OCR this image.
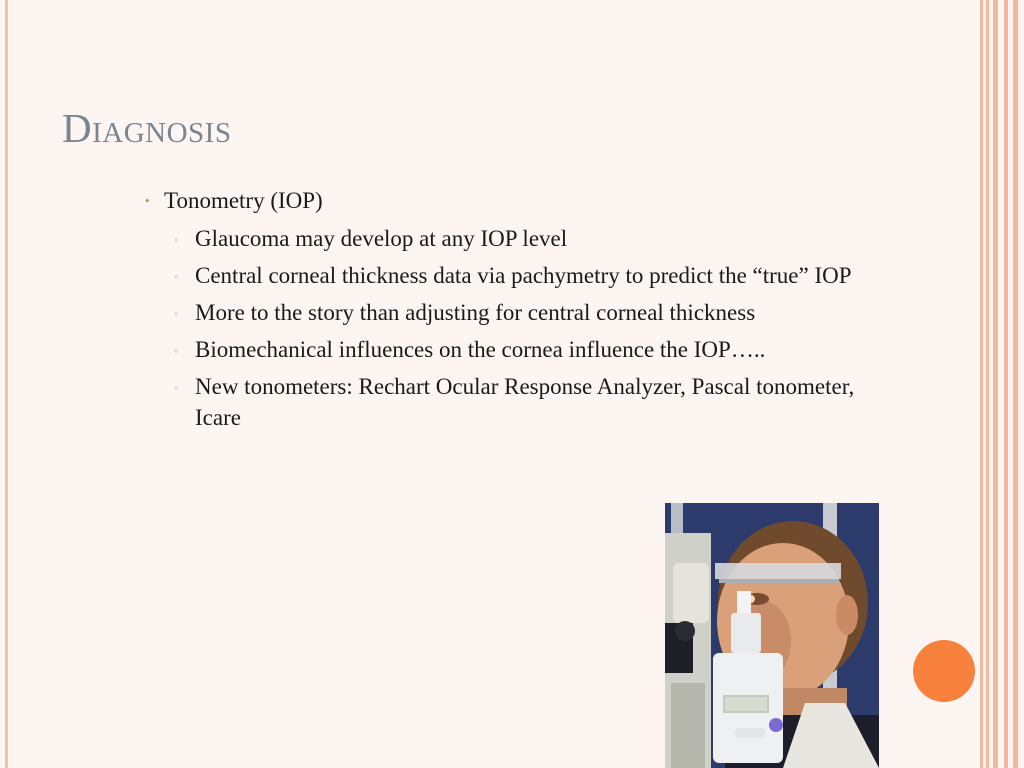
Diagnosis
• Tonometry (IOP)
◦ Glaucoma may develop at any IOP level
◦ Central corneal thickness data via pachymetry to predict the “true” IOP
◦ More to the story than adjusting for central corneal thickness
◦ Biomechanical influences on the cornea influence the IOP…..
◦ New tonometers: Rechart Ocular Response Analyzer, Pascal tonometer, Icare
